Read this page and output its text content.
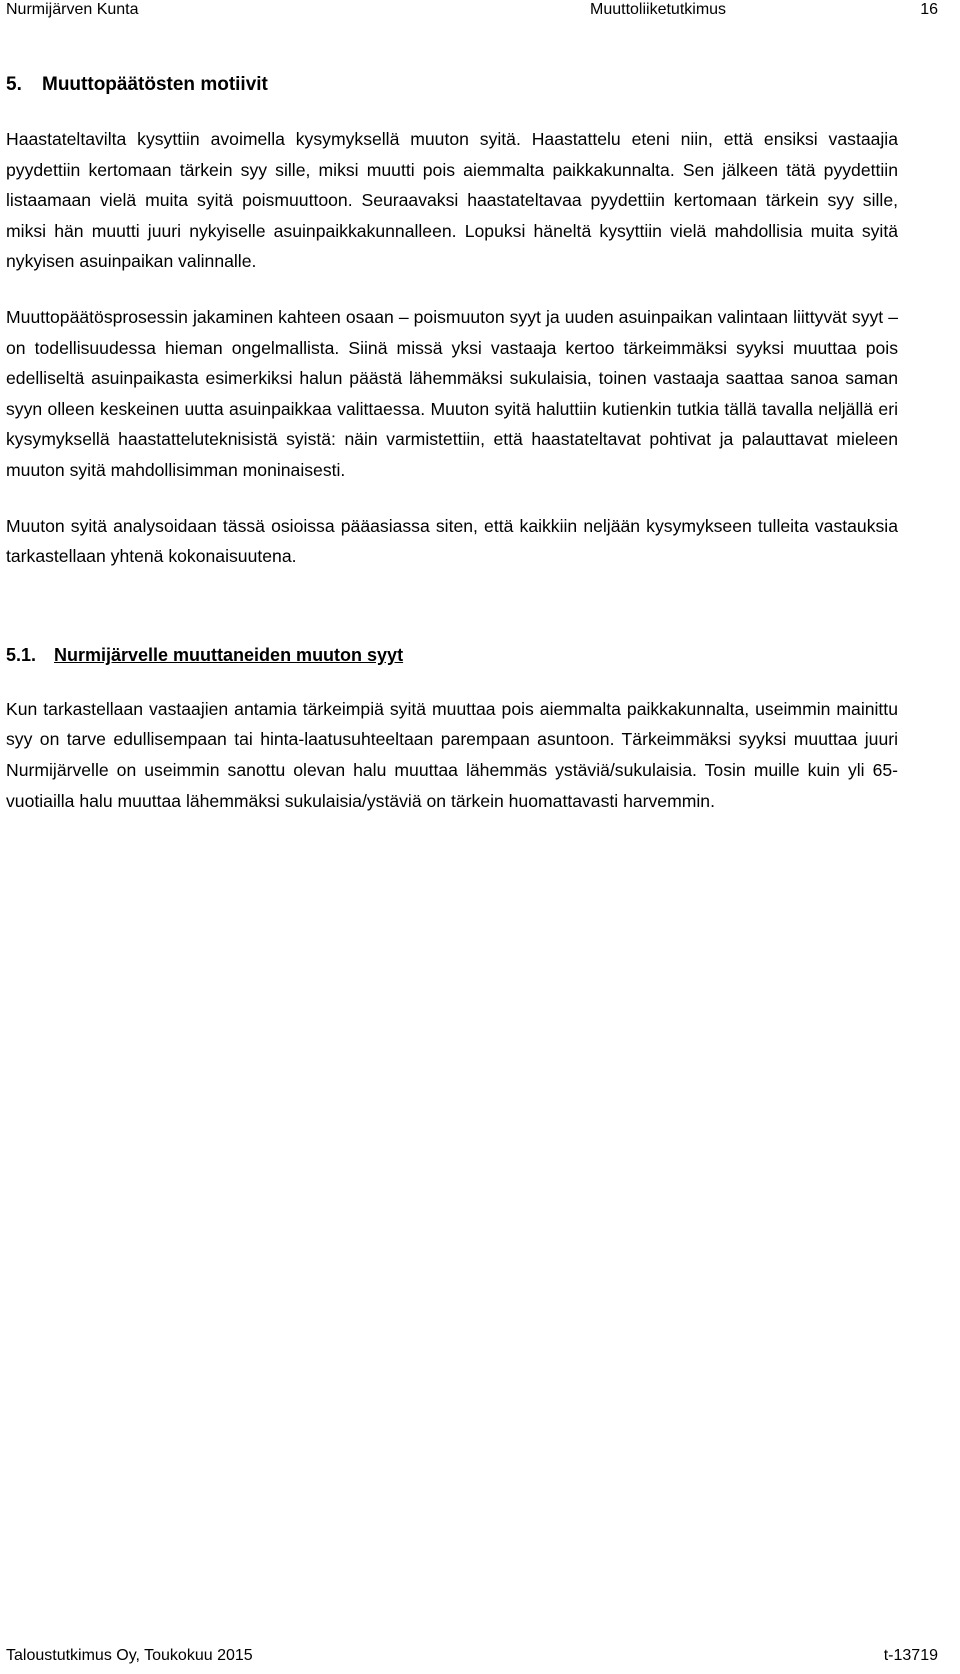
Nurmijärven Kunta	Muuttoliiketutkimus	16
5. Muuttopäätösten motiivit

Haastateltavilta kysyttiin avoimella kysymyksellä muuton syitä. Haastattelu eteni niin, että ensiksi vastaajia pyydettiin kertomaan tärkein syy sille, miksi muutti pois aiemmalta paikkakunnalta. Sen jälkeen tätä pyydettiin listaamaan vielä muita syitä poismuuttoon. Seuraavaksi haastateltavaa pyydettiin kertomaan tärkein syy sille, miksi hän muutti juuri nykyiselle asuinpaikkakunnalleen. Lopuksi häneltä kysyttiin vielä mahdollisia muita syitä nykyisen asuinpaikan valinnalle.

Muuttopäätösprosessin jakaminen kahteen osaan – poismuuton syyt ja uuden asuinpaikan valintaan liittyvät syyt – on todellisuudessa hieman ongelmallista. Siinä missä yksi vastaaja kertoo tärkeimmäksi syyksi muuttaa pois edelliseltä asuinpaikasta esimerkiksi halun päästä lähemmäksi sukulaisia, toinen vastaaja saattaa sanoa saman syyn olleen keskeinen uutta asuinpaikkaa valittaessa. Muuton syitä haluttiin kutienkin tutkia tällä tavalla neljällä eri kysymyksellä haastatteluteknisistä syistä: näin varmistettiin, että haastateltavat pohtivat ja palauttavat mieleen muuton syitä mahdollisimman moninaisesti.

Muuton syitä analysoidaan tässä osioissa pääasiassa siten, että kaikkiin neljään kysymykseen tulleita vastauksia tarkastellaan yhtenä kokonaisuutena.

5.1. Nurmijärvelle muuttaneiden muuton syyt

Kun tarkastellaan vastaajien antamia tärkeimpiä syitä muuttaa pois aiemmalta paikkakunnalta, useimmin mainittu syy on tarve edullisempaan tai hinta-laatusuhteeltaan parempaan asuntoon. Tärkeimmäksi syyksi muuttaa juuri Nurmijärvelle on useimmin sanottu olevan halu muuttaa lähemmäs ystäviä/sukulaisia. Tosin muille kuin yli 65-vuotiailla halu muuttaa lähemmäksi sukulaisia/ystäviä on tärkein huomattavasti harvemmin.

Taloustutkimus Oy, Toukokuu 2015	t-13719
